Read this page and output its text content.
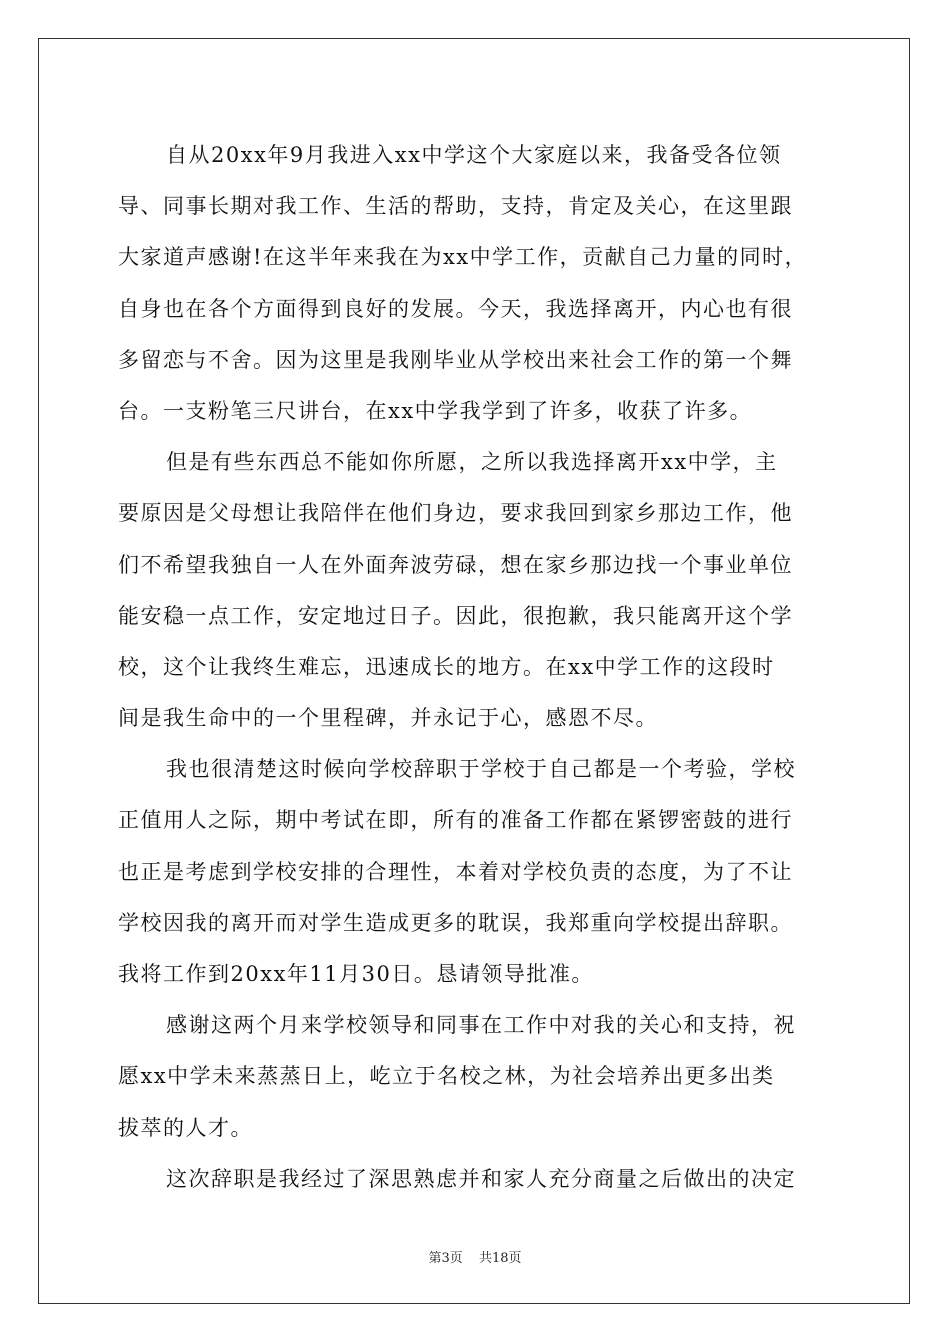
自从20xx年9月我进入xx中学这个大家庭以来，我备受各位领
导、同事长期对我工作、生活的帮助，支持，肯定及关心，在这里跟
大家道声感谢!在这半年来我在为xx中学工作，贡献自己力量的同时，
自身也在各个方面得到良好的发展。今天，我选择离开，内心也有很
多留恋与不舍。因为这里是我刚毕业从学校出来社会工作的第一个舞
台。一支粉笔三尺讲台，在xx中学我学到了许多，收获了许多。
但是有些东西总不能如你所愿，之所以我选择离开xx中学，主
要原因是父母想让我陪伴在他们身边，要求我回到家乡那边工作，他
们不希望我独自一人在外面奔波劳碌，想在家乡那边找一个事业单位
能安稳一点工作，安定地过日子。因此，很抱歉，我只能离开这个学
校，这个让我终生难忘，迅速成长的地方。在xx中学工作的这段时
间是我生命中的一个里程碑，并永记于心，感恩不尽。
我也很清楚这时候向学校辞职于学校于自己都是一个考验，学校
正值用人之际，期中考试在即，所有的准备工作都在紧锣密鼓的进行
也正是考虑到学校安排的合理性，本着对学校负责的态度，为了不让
学校因我的离开而对学生造成更多的耽误，我郑重向学校提出辞职。
我将工作到20xx年11月30日。恳请领导批准。
感谢这两个月来学校领导和同事在工作中对我的关心和支持，祝
愿xx中学未来蒸蒸日上，屹立于名校之林，为社会培养出更多出类
拔萃的人才。
这次辞职是我经过了深思熟虑并和家人充分商量之后做出的决定
第3页 共18页
